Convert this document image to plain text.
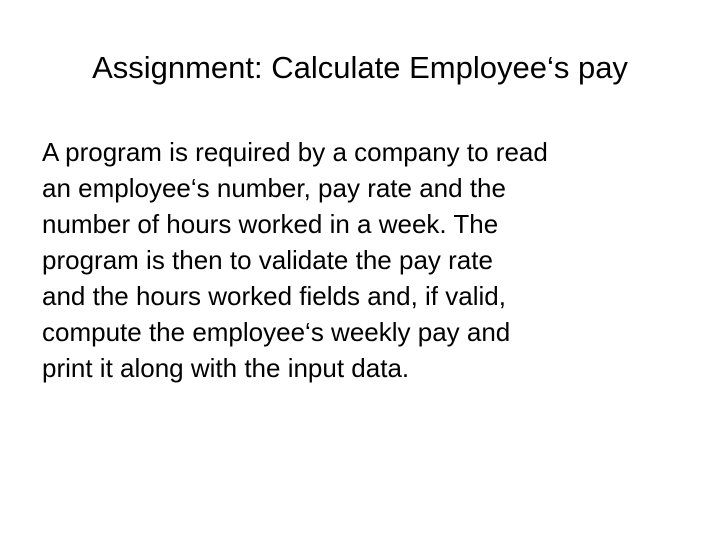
Assignment: Calculate Employee‘s pay

A program is required by a company to read
an employee‘s number, pay rate and the
number of hours worked in a week. The
program is then to validate the pay rate
and the hours worked fields and, if valid,
compute the employee‘s weekly pay and
print it along with the input data.
